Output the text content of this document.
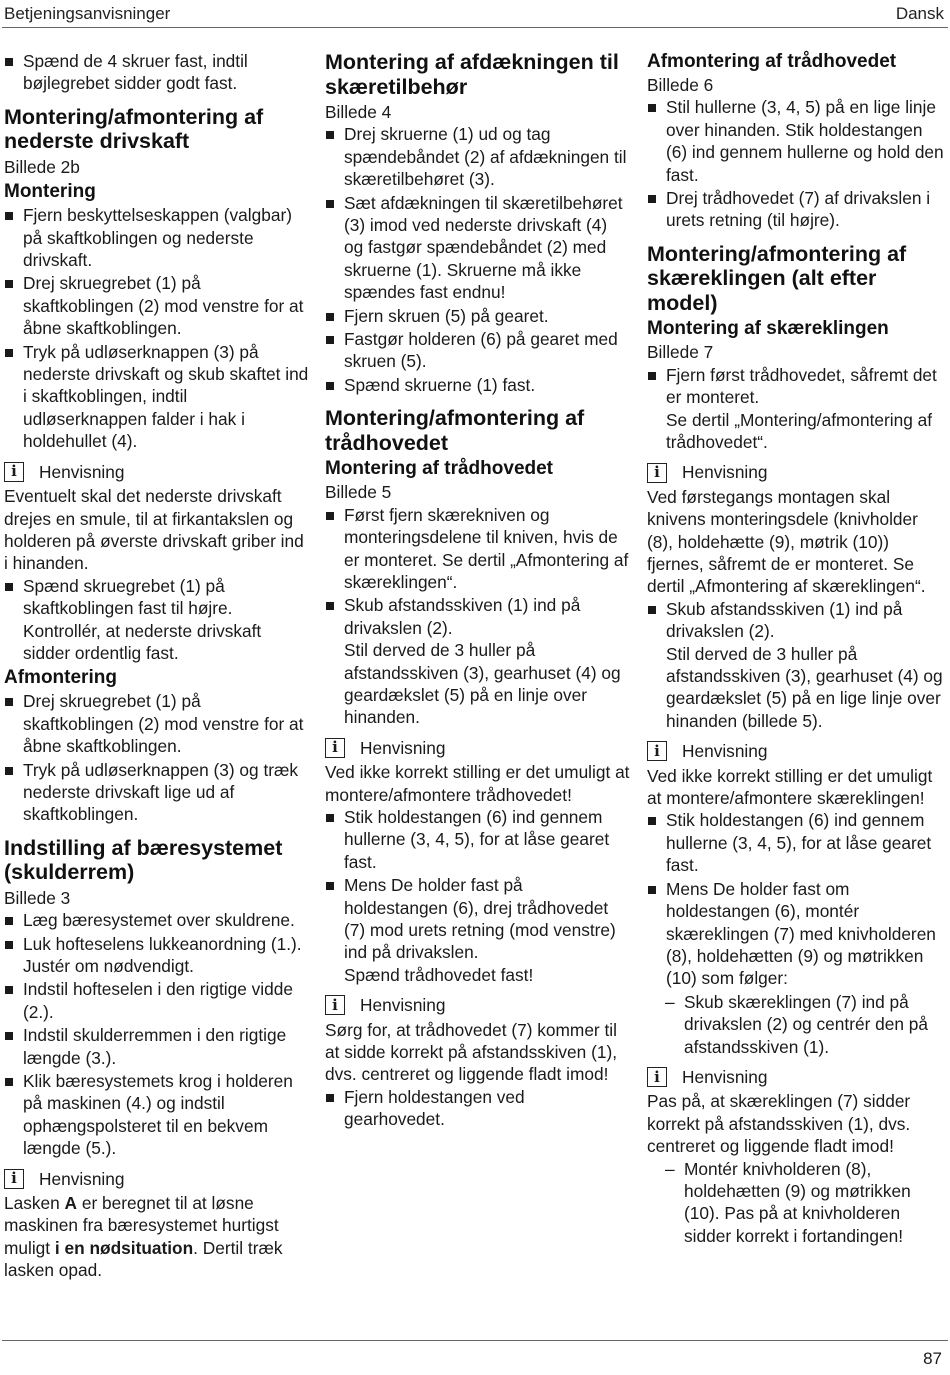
Betjeningsanvisninger	Dansk

Spænd de 4 skruer fast, indtil bøjlegrebet sidder godt fast.

Montering/afmontering af nederste drivskaft

Billede 2b

Montering

Fjern beskyttelseskappen (valgbar) på skaftkoblingen og nederste drivskaft.

Drej skruegrebet (1) på skaftkoblingen (2) mod venstre for at åbne skaftkoblingen.

Tryk på udløserknappen (3) på nederste drivskaft og skub skaftet ind i skaftkoblingen, indtil udløserknappen falder i hak i holdehullet (4).

i	Henvisning

Eventuelt skal det nederste drivskaft drejes en smule, til at firkantakslen og holderen på øverste drivskaft griber ind i hinanden.

Spænd skruegrebet (1) på skaftkoblingen fast til højre. Kontrollér, at nederste drivskaft sidder ordentlig fast.

Afmontering

Drej skruegrebet (1) på skaftkoblingen (2) mod venstre for at åbne skaftkoblingen.

Tryk på udløserknappen (3) og træk nederste drivskaft lige ud af skaftkoblingen.

Indstilling af bæresystemet (skulderrem)

Billede 3

Læg bæresystemet over skuldrene.

Luk hofteselens lukkeanordning (1.). Justér om nødvendigt.

Indstil hofteselen i den rigtige vidde (2.).

Indstil skulderremmen i den rigtige længde (3.).

Klik bæresystemets krog i holderen på maskinen (4.) og indstil ophængspolsteret til en bekvem længde (5.).

i	Henvisning

Lasken A er beregnet til at løsne maskinen fra bæresystemet hurtigst muligt i en nødsituation. Dertil træk lasken opad.

Montering af afdækningen til skæretilbehør

Billede 4

Drej skruerne (1) ud og tag spændebåndet (2) af afdækningen til skæretilbehøret (3).

Sæt afdækningen til skæretilbehøret (3) imod ved nederste drivskaft (4) og fastgør spændebåndet (2) med skruerne (1). Skruerne må ikke spændes fast endnu!

Fjern skruen (5) på gearet.

Fastgør holderen (6) på gearet med skruen (5).

Spænd skruerne (1) fast.

Montering/afmontering af trådhovedet
Montering af trådhovedet

Billede 5

Først fjern skærekniven og monteringsdelene til kniven, hvis de er monteret. Se dertil „Afmontering af skæreklingen“.

Skub afstandsskiven (1) ind på drivakslen (2).
Stil derved de 3 huller på afstandsskiven (3), gearhuset (4) og geardækslet (5) på en linje over hinanden.
i	Henvisning

Ved ikke korrekt stilling er det umuligt at montere/afmontere trådhovedet!

Stik holdestangen (6) ind gennem hullerne (3, 4, 5), for at låse gearet fast.

Mens De holder fast på holdestangen (6), drej trådhovedet (7) mod urets retning (mod venstre) ind på drivakslen.
Spænd trådhovedet fast!
i	Henvisning

Sørg for, at trådhovedet (7) kommer til at sidde korrekt på afstandsskiven (1), dvs. centreret og liggende fladt imod!

Fjern holdestangen ved gearhovedet.

Afmontering af trådhovedet

Billede 6

Stil hullerne (3, 4, 5) på en lige linje over hinanden. Stik holdestangen (6) ind gennem hullerne og hold den fast.

Drej trådhovedet (7) af drivakslen i urets retning (til højre).

Montering/afmontering af skæreklingen (alt efter model)
Montering af skæreklingen

Billede 7

Fjern først trådhovedet, såfremt det er monteret.
Se dertil „Montering/afmontering af trådhovedet“.
i	Henvisning

Ved førstegangs montagen skal knivens monteringsdele (knivholder (8), holdehætte (9), møtrik (10)) fjernes, såfremt de er monteret. Se dertil „Afmontering af skæreklingen“.

Skub afstandsskiven (1) ind på drivakslen (2).
Stil derved de 3 huller på afstandsskiven (3), gearhuset (4) og geardækslet (5) på en lige linje over hinanden (billede 5).
i	Henvisning

Ved ikke korrekt stilling er det umuligt at montere/afmontere skæreklingen!

Stik holdestangen (6) ind gennem hullerne (3, 4, 5), for at låse gearet fast.

Mens De holder fast om holdestangen (6), montér skæreklingen (7) med knivholderen (8), holdehætten (9) og møtrikken (10) som følger:

– Skub skæreklingen (7) ind på drivakslen (2) og centrér den på afstandsskiven (1).

i	Henvisning

Pas på, at skæreklingen (7) sidder korrekt på afstandsskiven (1), dvs. centreret og liggende fladt imod!

– Montér knivholderen (8), holdehætten (9) og møtrikken (10). Pas på at knivholderen sidder korrekt i fortandingen!

87
